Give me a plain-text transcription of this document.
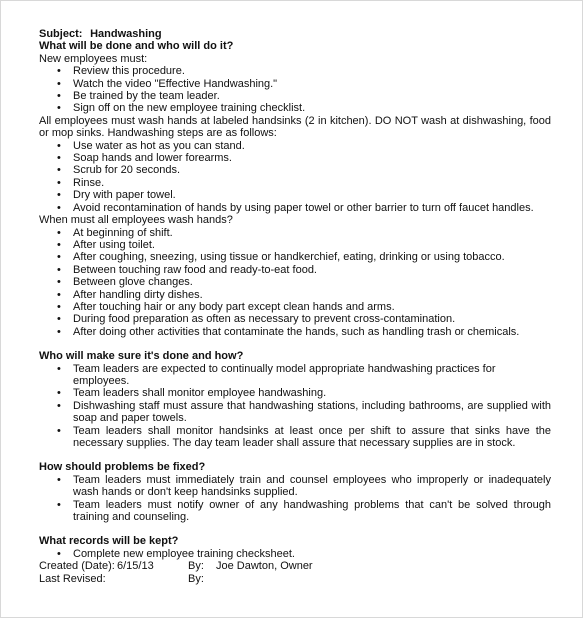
Subject: Handwashing
What will be done and who will do it?
New employees must:
• Review this procedure.
• Watch the video "Effective Handwashing."
• Be trained by the team leader.
• Sign off on the new employee training checklist.
All employees must wash hands at labeled handsinks (2 in kitchen). DO NOT wash at dishwashing, food or mop sinks. Handwashing steps are as follows:
• Use water as hot as you can stand.
• Soap hands and lower forearms.
• Scrub for 20 seconds.
• Rinse.
• Dry with paper towel.
• Avoid recontamination of hands by using paper towel or other barrier to turn off faucet handles.
When must all employees wash hands?
• At beginning of shift.
• After using toilet.
• After coughing, sneezing, using tissue or handkerchief, eating, drinking or using tobacco.
• Between touching raw food and ready-to-eat food.
• Between glove changes.
• After handling dirty dishes.
• After touching hair or any body part except clean hands and arms.
• During food preparation as often as necessary to prevent cross-contamination.
• After doing other activities that contaminate the hands, such as handling trash or chemicals.
Who will make sure it's done and how?
• Team leaders are expected to continually model appropriate handwashing practices for employees.
• Team leaders shall monitor employee handwashing.
• Dishwashing staff must assure that handwashing stations, including bathrooms, are supplied with soap and paper towels.
• Team leaders shall monitor handsinks at least once per shift to assure that sinks have the necessary supplies. The day team leader shall assure that necessary supplies are in stock.
How should problems be fixed?
• Team leaders must immediately train and counsel employees who improperly or inadequately wash hands or don't keep handsinks supplied.
• Team leaders must notify owner of any handwashing problems that can't be solved through training and counseling.
What records will be kept?
• Complete new employee training checksheet.
Created (Date): 6/15/13	By:	Joe Dawton, Owner
Last Revised:	By:
